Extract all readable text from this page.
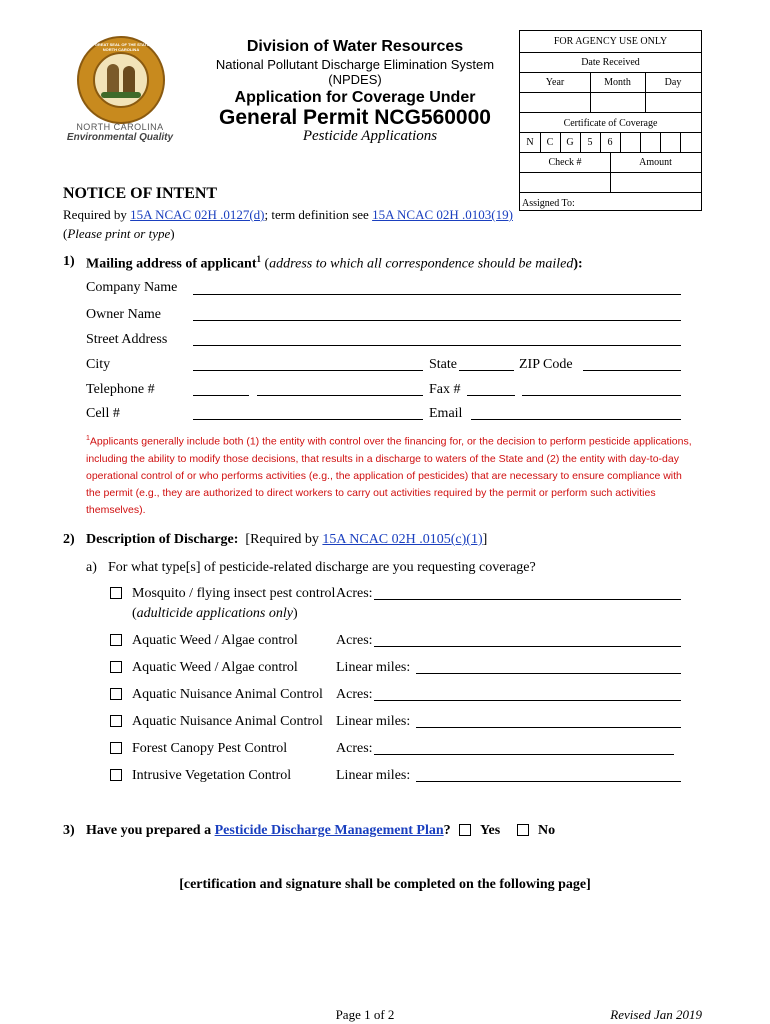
THE GREAT SEAL OF THE STATE OF NORTH CAROLINA
NORTH CAROLINA
Environmental Quality
Division of Water Resources
National Pollutant Discharge Elimination System (NPDES)
Application for Coverage Under
General Permit NCG560000
Pesticide Applications
FOR AGENCY USE ONLY
Date Received
Year	Month	Day
Certificate of Coverage
N	C	G	5	6
Check #	Amount
Assigned To:
NOTICE OF INTENT
Required by 15A NCAC 02H .0127(d); term definition see 15A NCAC 02H .0103(19)
(Please print or type)
1) Mailing address of applicant$^1$ (address to which all correspondence should be mailed):
Company Name
Owner Name
Street Address
City	State	ZIP Code
Telephone #	Fax #
Cell #	Email
$^1$Applicants generally include both (1) the entity with control over the financing for, or the decision to perform pesticide applications, including the ability to modify those decisions, that results in a discharge to waters of the State and (2) the entity with day-to-day operational control of or who performs activities (e.g., the application of pesticides) that are necessary to ensure compliance with the permit (e.g., they are authorized to direct workers to carry out activities required by the permit or perform such activities themselves).
2) Description of Discharge: [Required by 15A NCAC 02H .0105(c)(1)]
a) For what type[s] of pesticide-related discharge are you requesting coverage?
Mosquito / flying insect pest control Acres:
(adulticide applications only)
Aquatic Weed / Algae control	Acres:
Aquatic Weed / Algae control	Linear miles:
Aquatic Nuisance Animal Control Acres:
Aquatic Nuisance Animal Control Linear miles:
Forest Canopy Pest Control	Acres:
Intrusive Vegetation Control	Linear miles:
3) Have you prepared a Pesticide Discharge Management Plan? Yes	No
[certification and signature shall be completed on the following page]
Page 1 of 2	Revised Jan 2019
